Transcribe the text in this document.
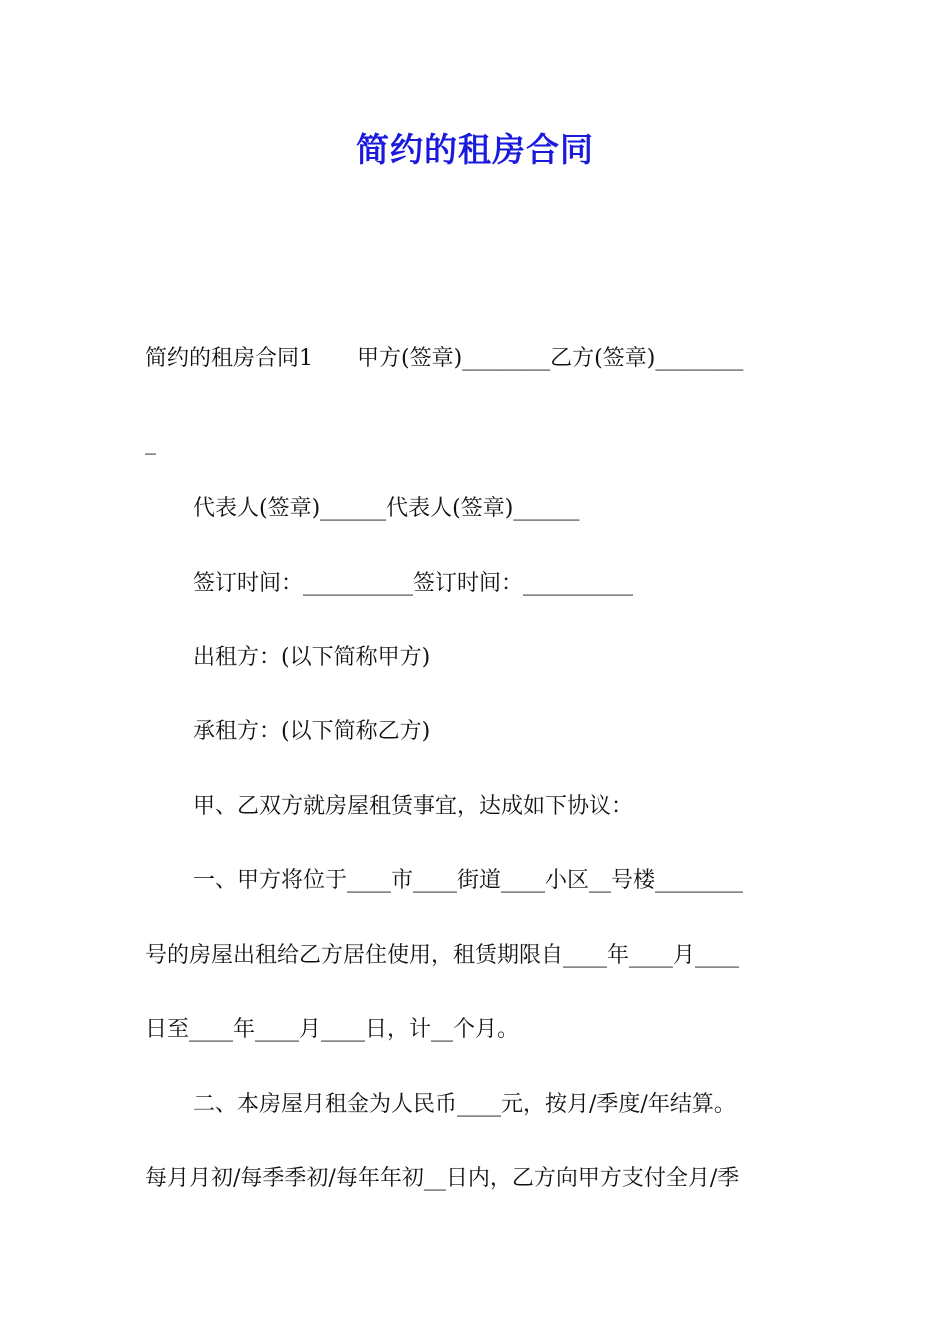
简约的租房合同
简约的租房合同1　　甲方(签章)________乙方(签章)________
_
代表人(签章)______代表人(签章)______
签订时间：__________签订时间：__________
出租方：(以下简称甲方)
承租方：(以下简称乙方)
甲、乙双方就房屋租赁事宜，达成如下协议：
一、甲方将位于____市____街道____小区__号楼________
号的房屋出租给乙方居住使用，租赁期限自____年____月____
日至____年____月____日，计__个月。
二、本房屋月租金为人民币____元，按月/季度/年结算。
每月月初/每季季初/每年年初__日内，乙方向甲方支付全月/季
